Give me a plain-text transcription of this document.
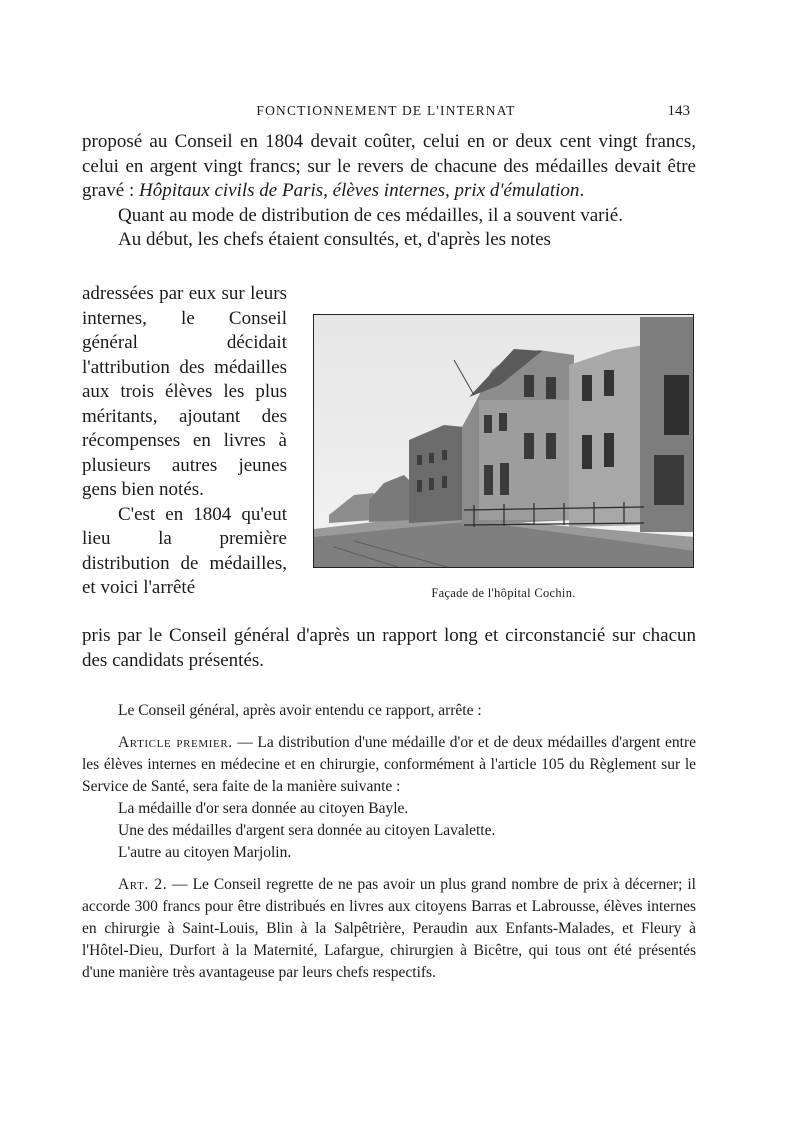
FONCTIONNEMENT DE L'INTERNAT	143

proposé au Conseil en 1804 devait coûter, celui en or deux cent vingt francs, celui en argent vingt francs; sur le revers de chacune des médailles devait être gravé : Hôpitaux civils de Paris, élèves internes, prix d'émulation.

Quant au mode de distribution de ces médailles, il a souvent varié.

Au début, les chefs étaient consultés, et, d'après les notes

adressées par eux sur leurs internes, le Conseil général décidait l'attribution des médailles aux trois élèves les plus méritants, ajoutant des récompenses en livres à plusieurs autres jeunes gens bien notés.

C'est en 1804 qu'eut lieu la première distribution de médailles, et voici l'arrêté	Façade de l'hôpital Cochin.

pris par le Conseil général d'après un rapport long et circonstancié sur chacun des candidats présentés.

Le Conseil général, après avoir entendu ce rapport, arrête :

Article premier. — La distribution d'une médaille d'or et de deux médailles d'argent entre les élèves internes en médecine et en chirurgie, conformément à l'article 105 du Règlement sur le Service de Santé, sera faite de la manière suivante :

La médaille d'or sera donnée au citoyen Bayle.

Une des médailles d'argent sera donnée au citoyen Lavalette.

L'autre au citoyen Marjolin.

Art. 2. — Le Conseil regrette de ne pas avoir un plus grand nombre de prix à décerner; il accorde 300 francs pour être distribués en livres aux citoyens Barras et Labrousse, élèves internes en chirurgie à Saint-Louis, Blin à la Salpêtrière, Peraudin aux Enfants-Malades, et Fleury à l'Hôtel-Dieu, Durfort à la Maternité, Lafargue, chirurgien à Bicêtre, qui tous ont été présentés d'une manière très avantageuse par leurs chefs respectifs.
